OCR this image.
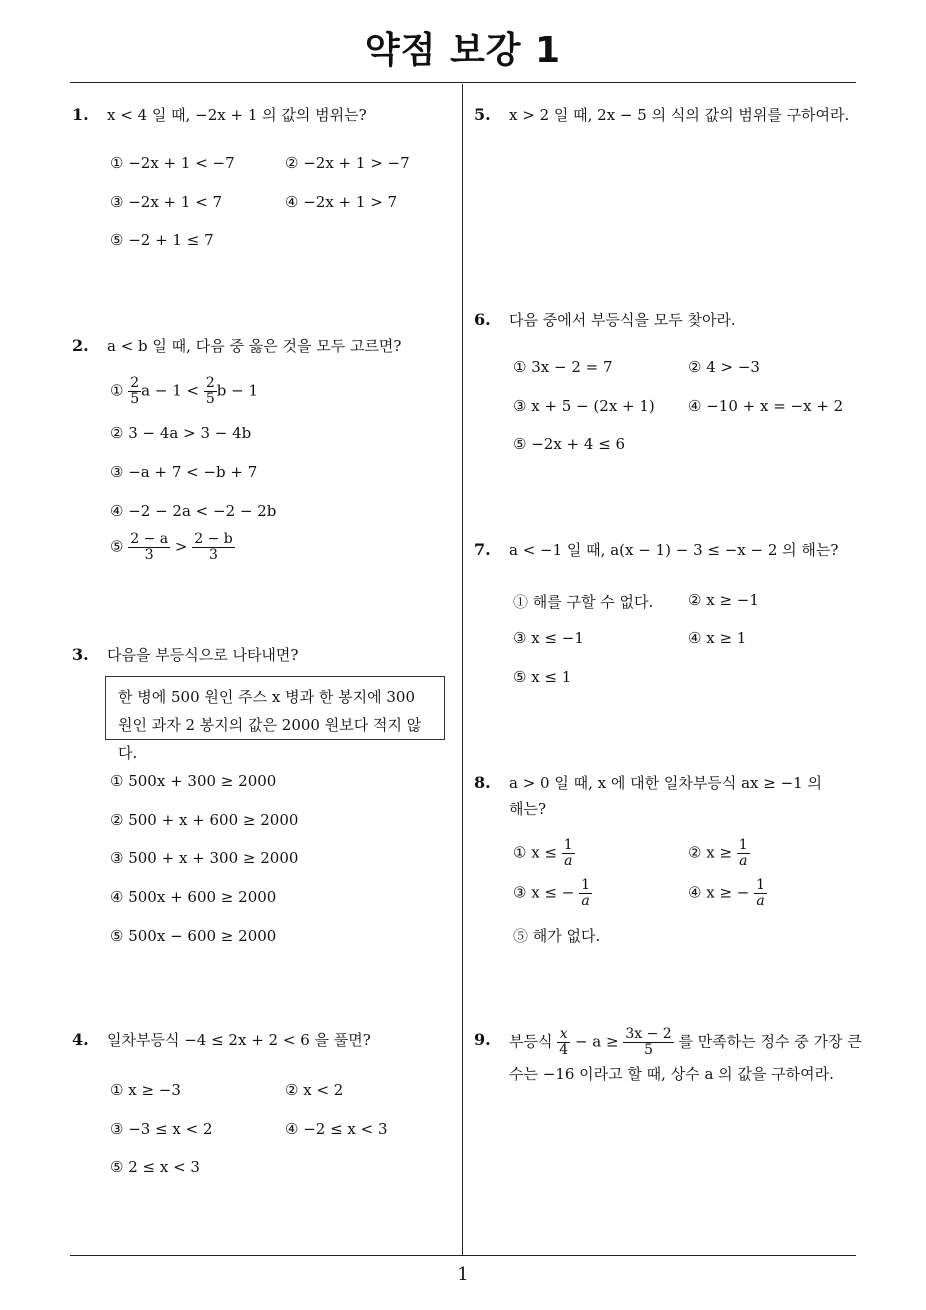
약점 보강 1
1
1. x < 4 일 때, −2x + 1 의 값의 범위는?
① −2x + 1 < −7	② −2x + 1 > −7
③ −2x + 1 < 7	④ −2x + 1 > 7
⑤ −2 + 1 ≤ 7
2. a < b 일 때, 다음 중 옳은 것을 모두 고르면?
① $\frac{2}{5}$ $a - 1 < \frac{2}{5}$ b − 1
② 3 − 4a > 3 − 4b
③ −a + 7 < −b + 7
④ −2 − 2a < −2 − 2b
⑤ $\frac{2 - a}{3} > \frac{2 - b}{3}$
3. 다음을 부등식으로 나타내면?
한 병에 500 원인 주스 x 병과 한 봉지에 300 원인 과자 2 봉지의 값은 2000 원보다 적지 않다.
① 500x + 300 ≥ 2000
② 500 + x + 600 ≥ 2000
③ 500 + x + 300 ≥ 2000
④ 500x + 600 ≥ 2000
⑤ 500x − 600 ≥ 2000
4. 일차부등식 −4 ≤ 2x + 2 < 6 을 풀면?
① x ≥ −3	② x < 2
③ −3 ≤ x < 2	④ −2 ≤ x < 3
⑤ 2 ≤ x < 3
5. x > 2 일 때, 2x − 5 의 식의 값의 범위를 구하여라.
6. 다음 중에서 부등식을 모두 찾아라.
① 3x − 2 = 7	② 4 > −3
③ x + 5 − (2x + 1) ④ −10 + x = −x + 2
⑤ −2x + 4 ≤ 6
7. a < −1 일 때, a(x − 1) − 3 ≤ −x − 2 의 해는?
① 해를 구할 수 없다. ② x ≥ −1
③ x ≤ −1	④ x ≥ 1
⑤ x ≤ 1
8. a > 0 일 때, x 에 대한 일차부등식 ax ≥ −1 의 해는?
① $x \le \frac{1}{a}$	② $x \ge \frac{1}{a}$
③ x ≤ − $\frac{1}{a}$	④ x ≥ − $\frac{1}{a}$
⑤ 해가 없다.
9. 부등식 $\frac{x}{4} - a \ge \frac{3x - 2}{5}$ 를 만족하는 정수 중 가장 큰
수는 −16 이라고 할 때, 상수 a 의 값을 구하여라.
